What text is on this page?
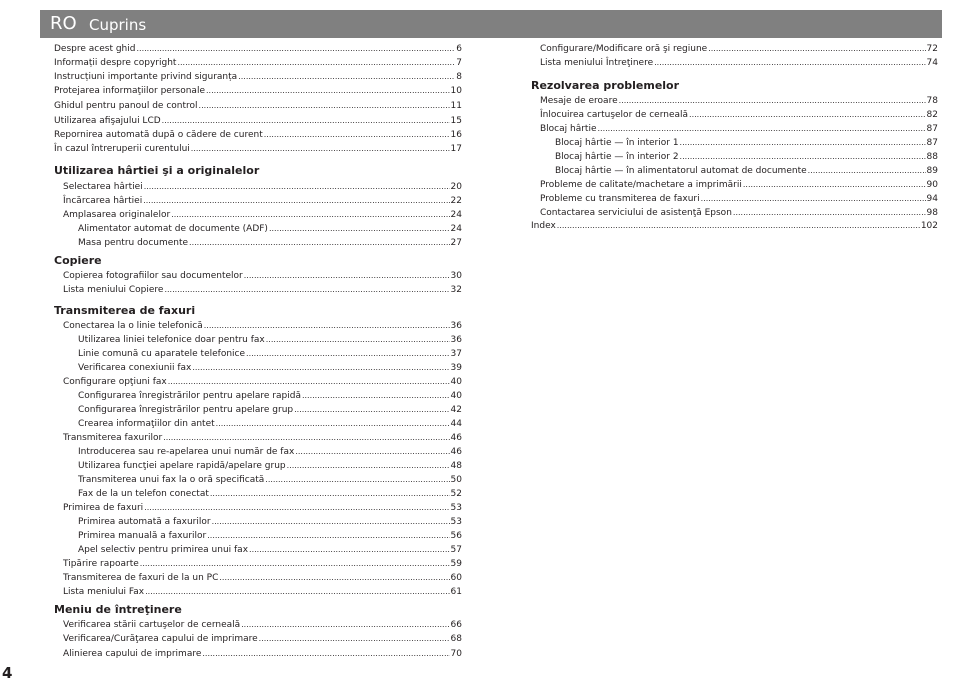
RO Cuprins
4
Despre acest ghid .....	6
Informații despre copyright .....	7
Instrucțiuni importante privind siguranța .....	8
Protejarea informaţiilor personale .....	10
Ghidul pentru panoul de control .....	11
Utilizarea afişajului LCD .....	15
Repornirea automată după o cădere de curent .....	16
În cazul întreruperii curentului .....	17
Utilizarea hârtiei şi a originalelor
Selectarea hârtiei .....	20
Încărcarea hârtiei .....	22
Amplasarea originalelor .....	24
Alimentator automat de documente (ADF) .....	24
Masa pentru documente .....	27
Copiere
Copierea fotografiilor sau documentelor .....	30
Lista meniului Copiere .....	32
Transmiterea de faxuri
Conectarea la o linie telefonică .....	36
Utilizarea liniei telefonice doar pentru fax .....	36
Linie comună cu aparatele telefonice .....	37
Verificarea conexiunii fax .....	39
Configurare opţiuni fax .....	40
Configurarea înregistrărilor pentru apelare rapidă .....	40
Configurarea înregistrărilor pentru apelare grup .....	42
Crearea informaţiilor din antet .....	44
Transmiterea faxurilor .....	46
Introducerea sau re-apelarea unui număr de fax .....	46
Utilizarea funcţiei apelare rapidă/apelare grup .....	48
Transmiterea unui fax la o oră specificată .....	50
Fax de la un telefon conectat .....	52
Primirea de faxuri .....	53
Primirea automată a faxurilor .....	53
Primirea manuală a faxurilor .....	56
Apel selectiv pentru primirea unui fax .....	57
Tipărire rapoarte .....	59
Transmiterea de faxuri de la un PC .....	60
Lista meniului Fax .....	61
Meniu de întreţinere
Verificarea stării cartuşelor de cerneală .....	66
Verificarea/Curăţarea capului de imprimare .....	68
Alinierea capului de imprimare .....	70
Configurare/Modificare oră şi regiune .....	72
Lista meniului Întreţinere .....	74
Rezolvarea problemelor
Mesaje de eroare .....	78
Înlocuirea cartuşelor de cerneală .....	82
Blocaj hârtie .....	87
Blocaj hârtie — în interior 1 .....	87
Blocaj hârtie — în interior 2 .....	88
Blocaj hârtie — în alimentatorul automat de documente .....	89
Probleme de calitate/machetare a imprimării .....	90
Probleme cu transmiterea de faxuri .....	94
Contactarea serviciului de asistenţă Epson .....	98
Index .....	102
